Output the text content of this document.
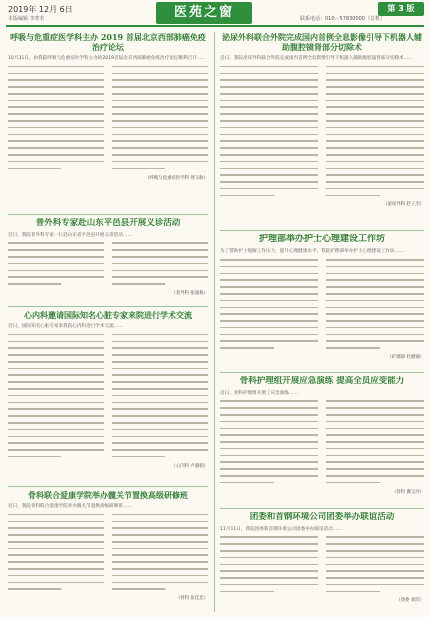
2019年 12月 6日
本版编辑 李菁若	医苑之窗	联系电话：010－57830000（总机）
第 3 版
呼吸与危重症医学科主办 2019 首届北京西部肺癌免疫治疗论坛
10月31日，由我院呼吸与危重症医学科主办的2019首届北京西部肺癌免疫治疗论坛顺利召开……
（呼吸与危重症医学科 周玉舫）
普外科专家赴山东平邑县开展义诊活动
近日，我院普外科专家一行赴山东省平邑县开展义诊活动……
（普外科 张迪栋）
心内科邀请国际知名心脏专家来院进行学术交流
近日，国际知名心脏专家来我院心内科进行学术交流……
（心内科 卢淑娟）
骨科联合爱康学院举办髋关节置换高级研修班
近日，我院骨科联合爱康学院举办髋关节置换高级研修班……
（骨科 张佳忠）
泌尿外科联合外院完成国内首例全息影像引导下机器人辅助腹腔镜肾部分切除术
近日，我院泌尿外科联合外院完成国内首例全息影像引导下机器人辅助腹腔镜肾部分切除术……
（泌尿外科 赵子杰）
护理部举办护士心理建设工作坊
为了帮助护士缓解工作压力，提升心理健康水平，我院护理部举办护士心理建设工作坊……
（护理部 杜薇锦）
骨科护理组开展应急演练 提高全员应变能力
近日，骨科护理组开展了应急演练……
（骨科 冀宝沙）
团委和首钢环境公司团委举办联谊活动
11月11日，我院团委和首钢环境公司团委举办联谊活动……
（团委 刘洋）
